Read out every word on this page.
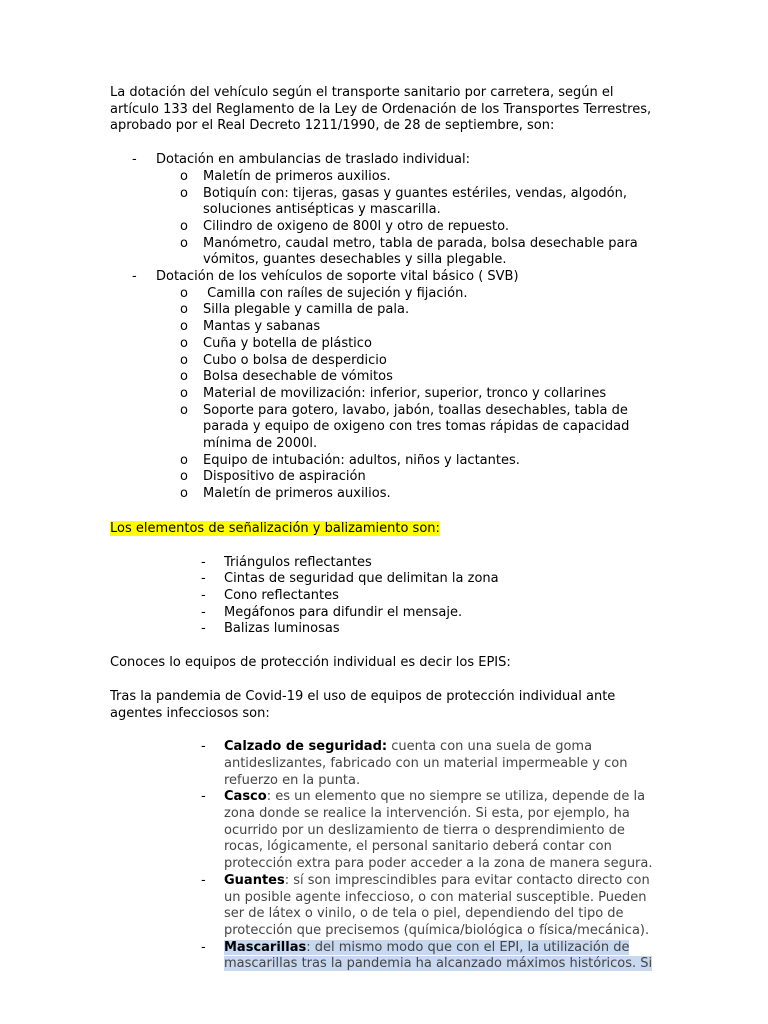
La dotación del vehículo según el transporte sanitario por carretera, según el artículo 133 del Reglamento de la Ley de Ordenación de los Transportes Terrestres, aprobado por el Real Decreto 1211/1990, de 28 de septiembre, son:

- Dotación en ambulancias de traslado individual:
o Maletín de primeros auxilios.
o Botiquín con: tijeras, gasas y guantes estériles, vendas, algodón, soluciones antisépticas y mascarilla.
o Cilindro de oxigeno de 800l y otro de repuesto.
o Manómetro, caudal metro, tabla de parada, bolsa desechable para vómitos, guantes desechables y silla plegable.
- Dotación de los vehículos de soporte vital básico ( SVB)
o Camilla con raíles de sujeción y fijación.
o Silla plegable y camilla de pala.
o Mantas y sabanas
o Cuña y botella de plástico
o Cubo o bolsa de desperdicio
o Bolsa desechable de vómitos
o Material de movilización: inferior, superior, tronco y collarines
o Soporte para gotero, lavabo, jabón, toallas desechables, tabla de parada y equipo de oxigeno con tres tomas rápidas de capacidad mínima de 2000l.
o Equipo de intubación: adultos, niños y lactantes.
o Dispositivo de aspiración
o Maletín de primeros auxilios.

Los elementos de señalización y balizamiento son:

- Triángulos reflectantes
- Cintas de seguridad que delimitan la zona
- Cono reflectantes
- Megáfonos para difundir el mensaje.
- Balizas luminosas

Conoces lo equipos de protección individual es decir los EPIS:

Tras la pandemia de Covid-19 el uso de equipos de protección individual ante agentes infecciosos son:

- Calzado de seguridad: cuenta con una suela de goma antideslizantes, fabricado con un material impermeable y con refuerzo en la punta.
- Casco: es un elemento que no siempre se utiliza, depende de la zona donde se realice la intervención. Si esta, por ejemplo, ha ocurrido por un deslizamiento de tierra o desprendimiento de rocas, lógicamente, el personal sanitario deberá contar con protección extra para poder acceder a la zona de manera segura.
- Guantes: sí son imprescindibles para evitar contacto directo con un posible agente infeccioso, o con material susceptible. Pueden ser de látex o vinilo, o de tela o piel, dependiendo del tipo de protección que precisemos (química/biológica o física/mecánica).
- Mascarillas: del mismo modo que con el EPI, la utilización de mascarillas tras la pandemia ha alcanzado máximos históricos. Si
